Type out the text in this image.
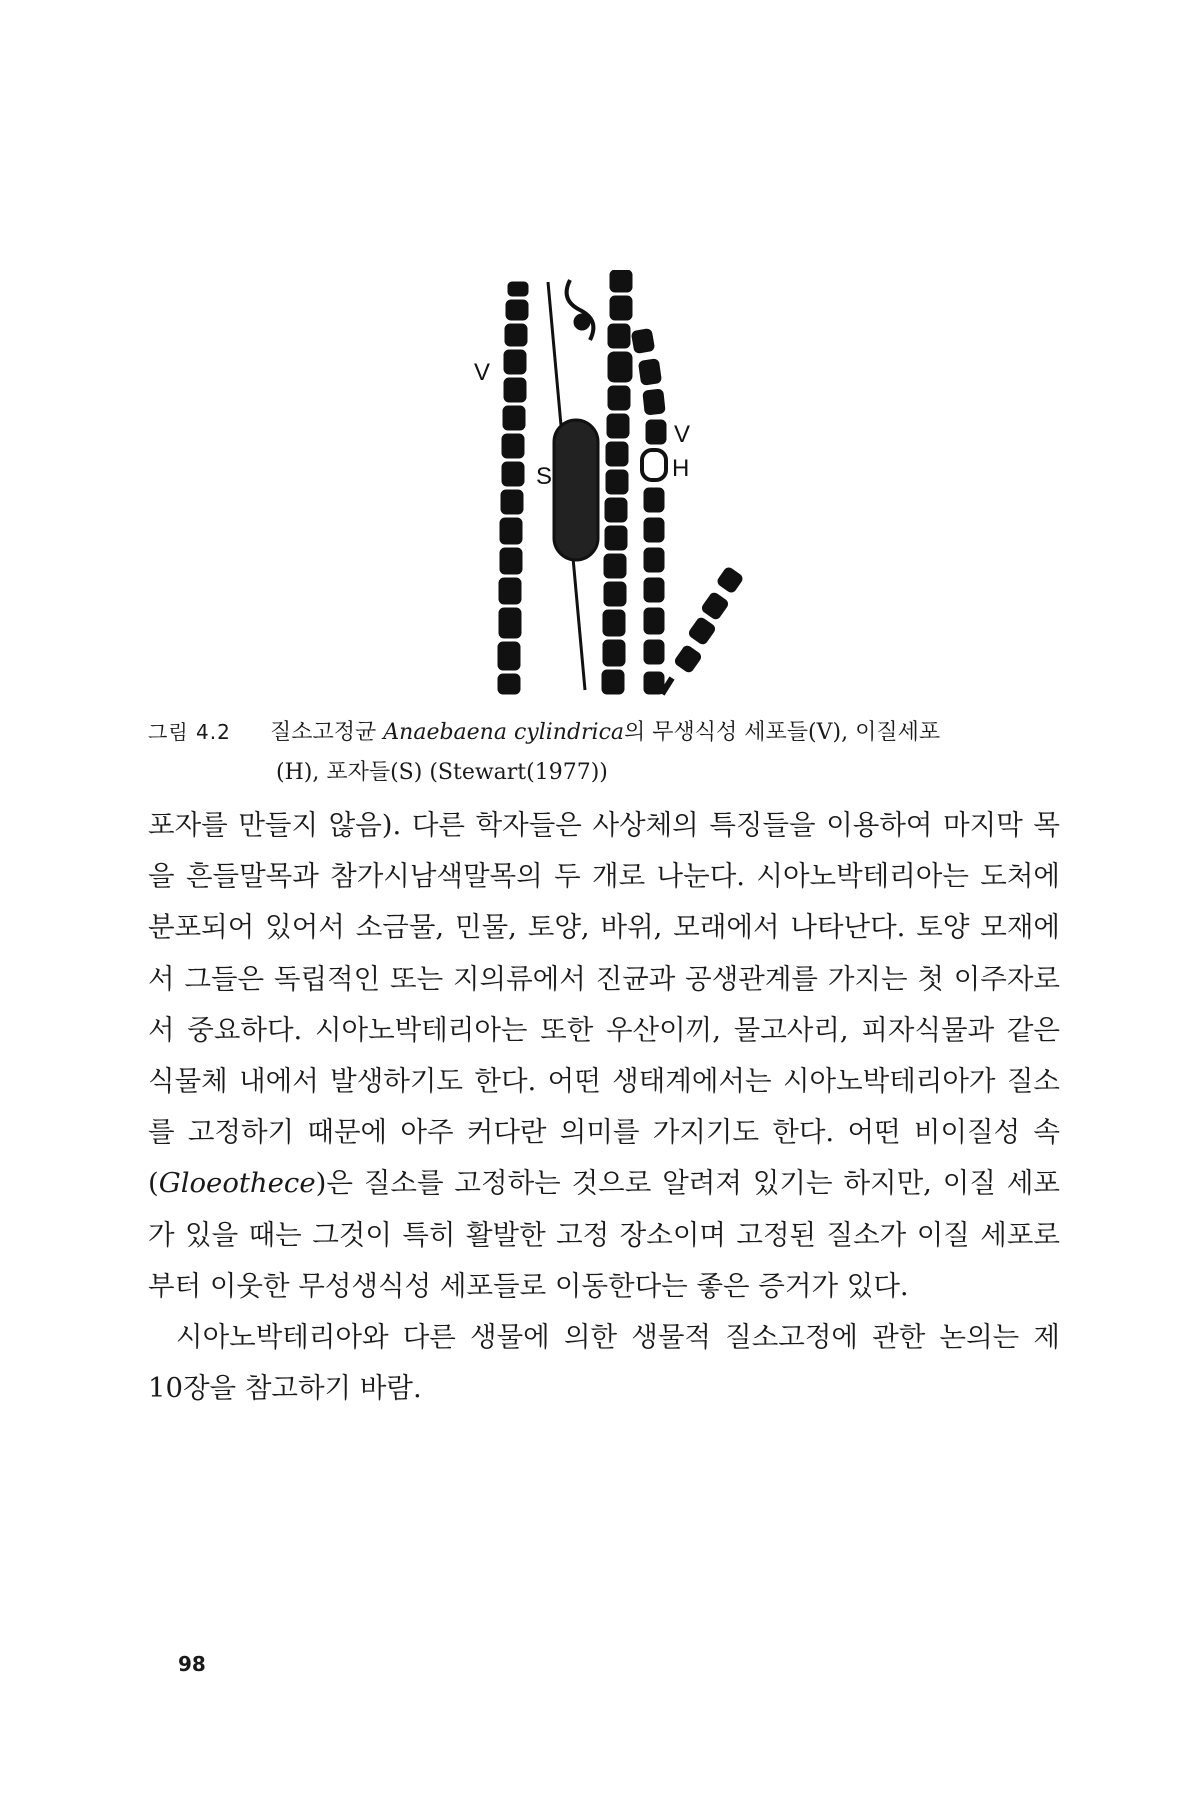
V
V
S	H
그림 4.2 질소고정균 Anaebaena cylindrica의 무생식성 세포들(V), 이질세포
(H), 포자들(S) (Stewart(1977))

포자를 만들지 않음). 다른 학자들은 사상체의 특징들을 이용하여 마지막 목을 흔들말목과 참가시남색말목의 두 개로 나눈다. 시아노박테리아는 도처에 분포되어 있어서 소금물, 민물, 토양, 바위, 모래에서 나타난다. 토양 모재에서 그들은 독립적인 또는 지의류에서 진균과 공생관계를 가지는 첫 이주자로서 중요하다. 시아노박테리아는 또한 우산이끼, 물고사리, 피자식물과 같은 식물체 내에서 발생하기도 한다. 어떤 생태계에서는 시아노박테리아가 질소를 고정하기 때문에 아주 커다란 의미를 가지기도 한다. 어떤 비이질성 속(Gloeothece)은 질소를 고정하는 것으로 알려져 있기는 하지만, 이질 세포가 있을 때는 그것이 특히 활발한 고정 장소이며 고정된 질소가 이질 세포로부터 이웃한 무성생식성 세포들로 이동한다는 좋은 증거가 있다.

시아노박테리아와 다른 생물에 의한 생물적 질소고정에 관한 논의는 제 10장을 참고하기 바람.

98
